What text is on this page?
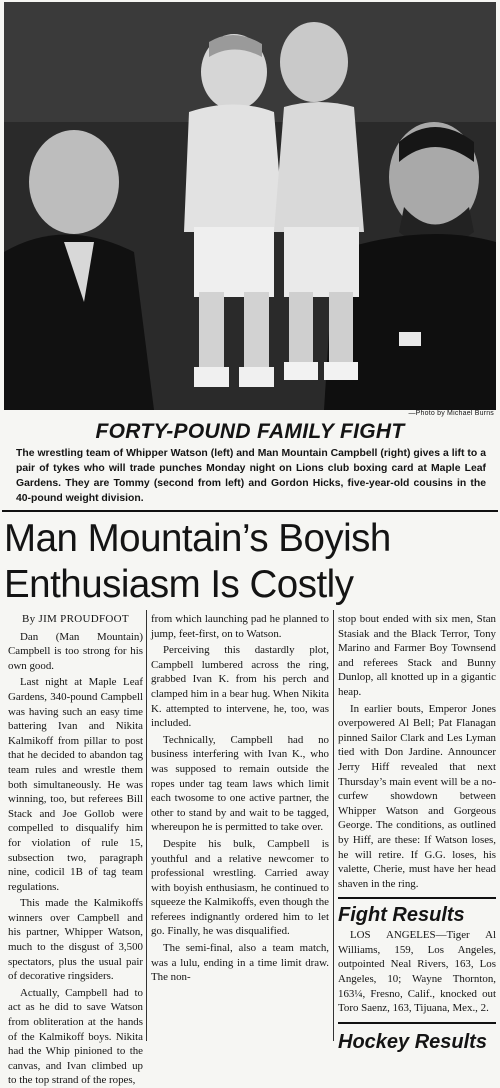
—Photo by Michael Burns
FORTY-POUND FAMILY FIGHT
The wrestling team of Whipper Watson (left) and Man Mountain Campbell (right) gives a lift to a pair of tykes who will trade punches Monday night on Lions club boxing card at Maple Leaf Gardens. They are Tommy (second from left) and Gordon Hicks, five-year-old cousins in the 40-pound weight division.
Man Mountain’s Boyish
Enthusiasm Is Costly
By JIM PROUDFOOT

Dan (Man Mountain) Campbell is too strong for his own good.

Last night at Maple Leaf Gardens, 340-pound Campbell was having such an easy time battering Ivan and Nikita Kalmikoff from pillar to post that he decided to abandon tag team rules and wrestle them both simultaneously. He was winning, too, but referees Bill Stack and Joe Gollob were compelled to disqualify him for violation of rule 15, subsection two, paragraph nine, codicil 1B of tag team regulations.

This made the Kalmikoffs winners over Campbell and his partner, Whipper Watson, much to the disgust of 3,500 spectators, plus the usual pair of decorative ringsiders.

Actually, Campbell had to act as he did to save Watson from obliteration at the hands of the Kalmikoff boys. Nikita had the Whip pinioned to the canvas, and Ivan climbed up to the top strand of the ropes,

from which launching pad he planned to jump, feet-first, on to Watson.

Perceiving this dastardly plot, Campbell lumbered across the ring, grabbed Ivan K. from his perch and clamped him in a bear hug. When Nikita K. attempted to intervene, he, too, was included.

Technically, Campbell had no business interfering with Ivan K., who was supposed to remain outside the ropes under tag team laws which limit each twosome to one active partner, the other to stand by and wait to be tagged, whereupon he is permitted to take over.

Despite his bulk, Campbell is youthful and a relative newcomer to professional wrestling. Carried away with boyish enthusiasm, he continued to squeeze the Kalmikoffs, even though the referees indignantly ordered him to let go. Finally, he was disqualified.

The semi-final, also a team match, was a lulu, ending in a time limit draw. The non-

stop bout ended with six men, Stan Stasiak and the Black Terror, Tony Marino and Farmer Boy Townsend and referees Stack and Bunny Dunlop, all knotted up in a gigantic heap.

In earlier bouts, Emperor Jones overpowered Al Bell; Pat Flanagan pinned Sailor Clark and Les Lyman tied with Don Jardine. Announcer Jerry Hiff revealed that next Thursday’s main event will be a no-curfew showdown between Whipper Watson and Gorgeous George. The conditions, as outlined by Hiff, are these: If Watson loses, he will retire. If G.G. loses, his valette, Cherie, must have her head shaven in the ring.

Fight Results

LOS ANGELES—Tiger Al Williams, 159, Los Angeles, outpointed Neal Rivers, 163, Los Angeles, 10; Wayne Thornton, 163¼, Fresno, Calif., knocked out Toro Saenz, 163, Tijuana, Mex., 2.

Hockey Results
